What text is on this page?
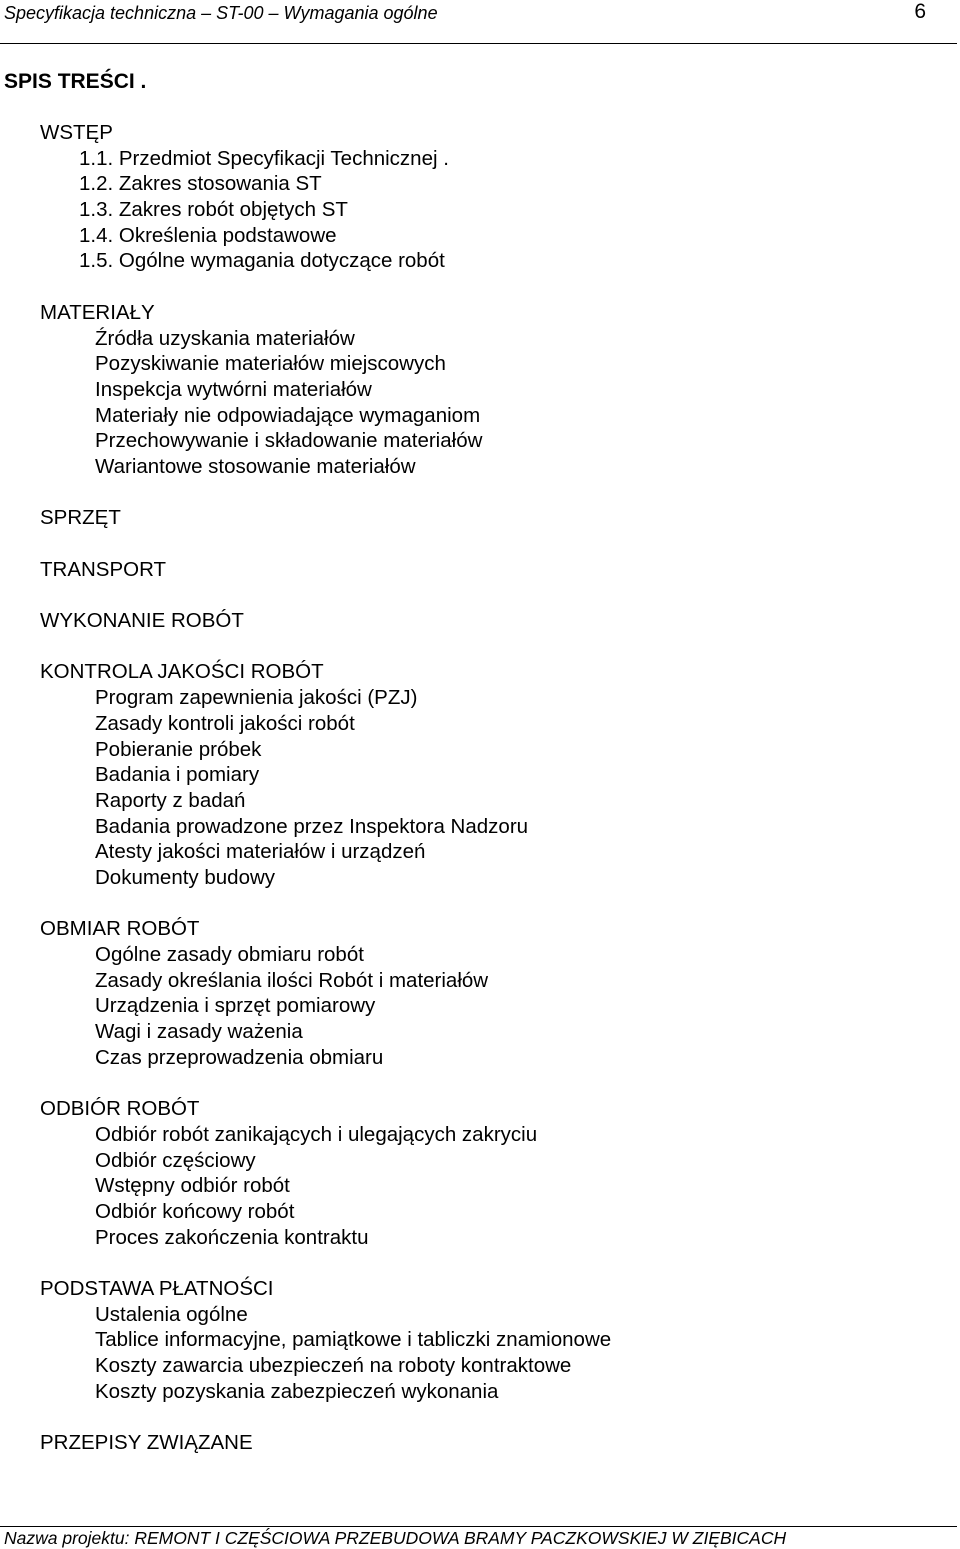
Specyfikacja techniczna – ST-00 – Wymagania ogólne	6
SPIS TREŚCI .
WSTĘP
1.1. Przedmiot Specyfikacji Technicznej .
1.2. Zakres stosowania ST
1.3. Zakres robót objętych ST
1.4. Określenia podstawowe
1.5. Ogólne wymagania dotyczące robót
MATERIAŁY
Źródła uzyskania materiałów
Pozyskiwanie materiałów miejscowych
Inspekcja wytwórni materiałów
Materiały nie odpowiadające wymaganiom
Przechowywanie i składowanie materiałów
Wariantowe stosowanie materiałów
SPRZĘT
TRANSPORT
WYKONANIE ROBÓT
KONTROLA JAKOŚCI ROBÓT
Program zapewnienia jakości (PZJ)
Zasady kontroli jakości robót
Pobieranie próbek
Badania i pomiary
Raporty z badań
Badania prowadzone przez Inspektora Nadzoru
Atesty jakości materiałów i urządzeń
Dokumenty budowy
OBMIAR ROBÓT
Ogólne zasady obmiaru robót
Zasady określania ilości Robót i materiałów
Urządzenia i sprzęt pomiarowy
Wagi i zasady ważenia
Czas przeprowadzenia obmiaru
ODBIÓR ROBÓT
Odbiór robót zanikających i ulegających zakryciu
Odbiór częściowy
Wstępny odbiór robót
Odbiór końcowy robót
Proces zakończenia kontraktu
PODSTAWA PŁATNOŚCI
Ustalenia ogólne
Tablice informacyjne, pamiątkowe i tabliczki znamionowe
Koszty zawarcia ubezpieczeń na roboty kontraktowe
Koszty pozyskania zabezpieczeń wykonania
PRZEPISY ZWIĄZANE
Nazwa projektu: REMONT I CZĘŚCIOWA PRZEBUDOWA BRAMY PACZKOWSKIEJ W ZIĘBICACH
